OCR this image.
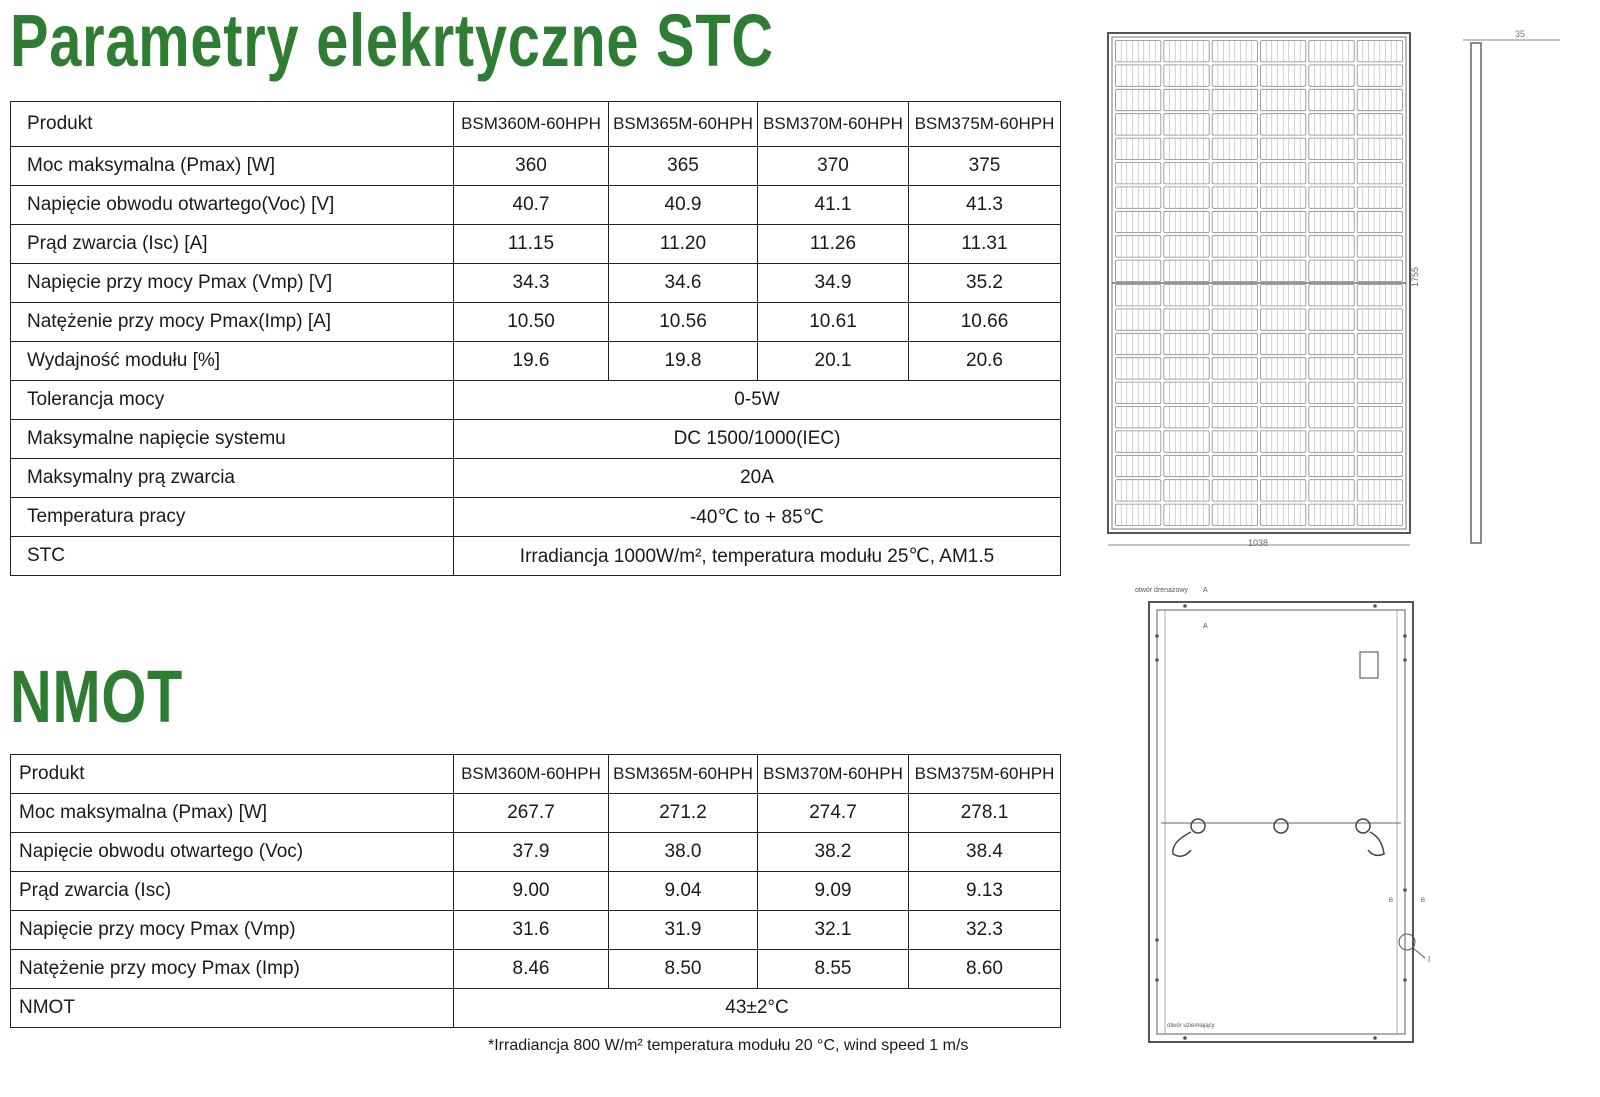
Parametry elekrtyczne STC
Produkt	BSM360M-60HPH	BSM365M-60HPH	BSM370M-60HPH	BSM375M-60HPH
Moc maksymalna (Pmax) [W]	360	365	370	375
Napięcie obwodu otwartego(Voc) [V]	40.7	40.9	41.1	41.3
Prąd zwarcia (Isc) [A]	11.15	11.20	11.26	11.31
Napięcie przy mocy Pmax (Vmp) [V]	34.3	34.6	34.9	35.2
Natężenie przy mocy Pmax(Imp) [A]	10.50	10.56	10.61	10.66
Wydajność modułu [%]	19.6	19.8	20.1	20.6
Tolerancja mocy	0-5W			
Maksymalne napięcie systemu	DC 1500/1000(IEC)			
Maksymalny prą zwarcia	20A			
Temperatura pracy	-40℃ to + 85℃			
STC	Irradiancja 1000W/m², temperatura modułu 25℃, AM1.5			
NMOT
Produkt	BSM360M-60HPH	BSM365M-60HPH	BSM370M-60HPH	BSM375M-60HPH
Moc maksymalna (Pmax) [W]	267.7	271.2	274.7	278.1
Napięcie obwodu otwartego (Voc)	37.9	38.0	38.2	38.4
Prąd zwarcia (Isc)	9.00	9.04	9.09	9.13
Napięcie przy mocy Pmax (Vmp)	31.6	31.9	32.1	32.3
Natężenie przy mocy Pmax (Imp)	8.46	8.50	8.55	8.60
NMOT	43±2°C			
*Irradiancja 800 W/m² temperatura modułu 20 °C, wind speed 1 m/s
1038
1755
35
otwór drenażowy A
A
I
B	B
otwór uziemiający
